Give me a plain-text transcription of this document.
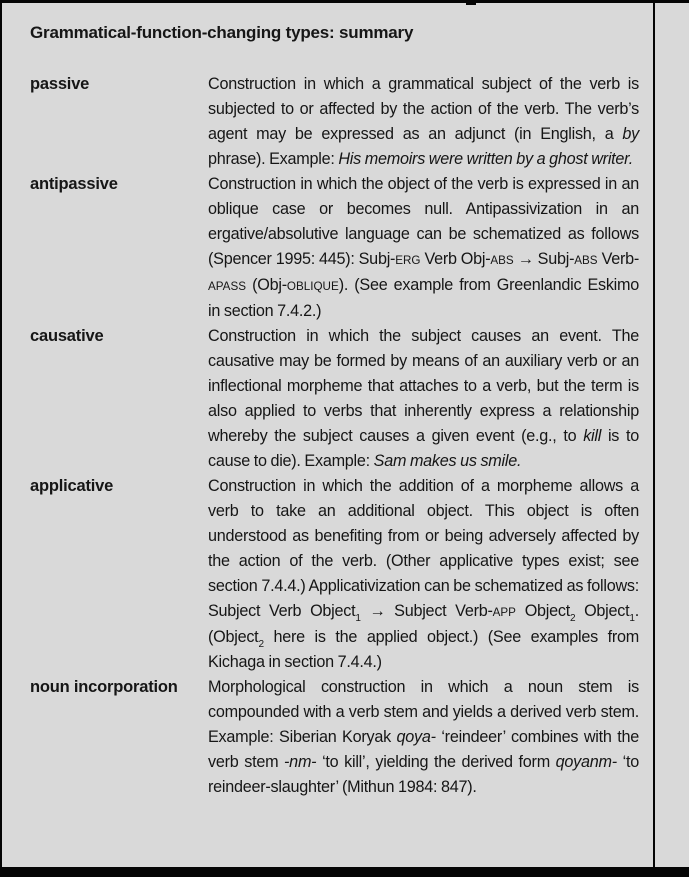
Grammatical-function-changing types: summary
passive	Construction in which a grammatical subject of the verb is subjected to or affected by the action of the verb. The verb’s agent may be expressed as an adjunct (in English, a by phrase). Example: His memoirs were written by a ghost writer.
antipassive	Construction in which the object of the verb is expressed in an oblique case or becomes null. Antipassivization in an ergative/absolutive language can be schematized as follows (Spencer 1995: 445): Subj-ERG Verb Obj-ABS → Subj-ABS Verb-APASS (Obj-OBLIQUE). (See example from Greenlandic Eskimo in section 7.4.2.)
causative	Construction in which the subject causes an event. The causative may be formed by means of an auxiliary verb or an inflectional morpheme that attaches to a verb, but the term is also applied to verbs that inherently express a relationship whereby the subject causes a given event (e.g., to kill is to cause to die). Example: Sam makes us smile.
applicative	Construction in which the addition of a morpheme allows a verb to take an additional object. This object is often understood as benefiting from or being adversely affected by the action of the verb. (Other applicative types exist; see section 7.4.4.) Applicativization can be schematized as follows: Subject Verb Object$_1$ → Subject Verb-APP Object$_2$ Object$_1$. (Object$_2$ here is the applied object.) (See examples from Kichaga in section 7.4.4.)
noun incorporation	Morphological construction in which a noun stem is compounded with a verb stem and yields a derived verb stem. Example: Siberian Koryak qoya- ‘reindeer’ combines with the verb stem -nm- ‘to kill’, yielding the derived form qoyanm- ‘to reindeer-slaughter’ (Mithun 1984: 847).
